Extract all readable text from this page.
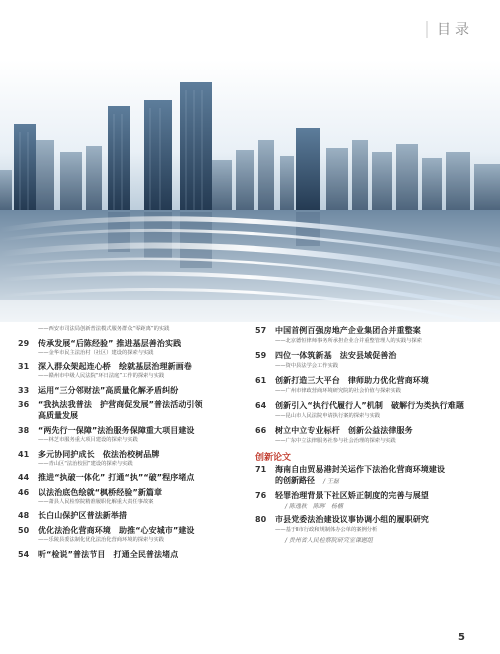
目录
——西安市司法局创新普法模式服务群众“零距离”的实践
29	传承发展“后陈经验” 推进基层善治实践
——金华市民主法治村（社区）建设的探索与实践
31	深入群众架起连心桥　绘就基层治理新画卷
——赣州市中级人民法院“环日法庭”工作的探索与实践
33	运用“三分邻财法”高质量化解矛盾纠纷
36	“我执法我普法　护营商促发展”普法活动引领
高质量发展
38	“两先行一保障”法治服务保障重大项目建设
——林芝市服务重大项目建设的探索与实践
41	多元协同护成长　依法治校树品牌
——青山区“法治校园”建设的探索与实践
44	推进“执破一体化” 打通“执”“破”程序堵点
46	以法治底色绘就“枫桥经验”新篇章
——萧县人民检察院精准履职化解重大责任事故案
48	长白山保护区普法新举措
50	优化法治化营商环境　助推“心安城市”建设
——乐陵县委法制化优化法治化营商环境的探索与实践
54	听“检说”普法节目　打通全民普法堵点
57	中国首例百强房地产企业集团合并重整案
——北京德恒律师事务所承担企业合并重整管理人的实践与探索
59	四位一体筑新基　法安县域促善治
——资中县法学会工作实践
61	创新打造三大平台　律师助力优化营商环境
——广州市律政营商环境研究院的社会价值与探索实践
64	创新引入“执行代履行人”机制　破解行为类执行难题
——昆山市人民法院申请执行案的探索与实践
66	树立中立专业标杆　创新公益法律服务
——广东中立法律服务社参与社会治理的探索与实践
创新论文
71	海南自由贸易港封关运作下法治化营商环境建设
的创新路径　 / 王磊
76	轻罪治理背景下社区矫正制度的完善与展望
/ 陈逸秋　陈晖　杨楠
80	市县党委法治建设议事协调小组的履职研究
——基于Ⅱ市行政和规制体办公单的案例分析
/ 贵州省人民检察院研究室课题组
5
